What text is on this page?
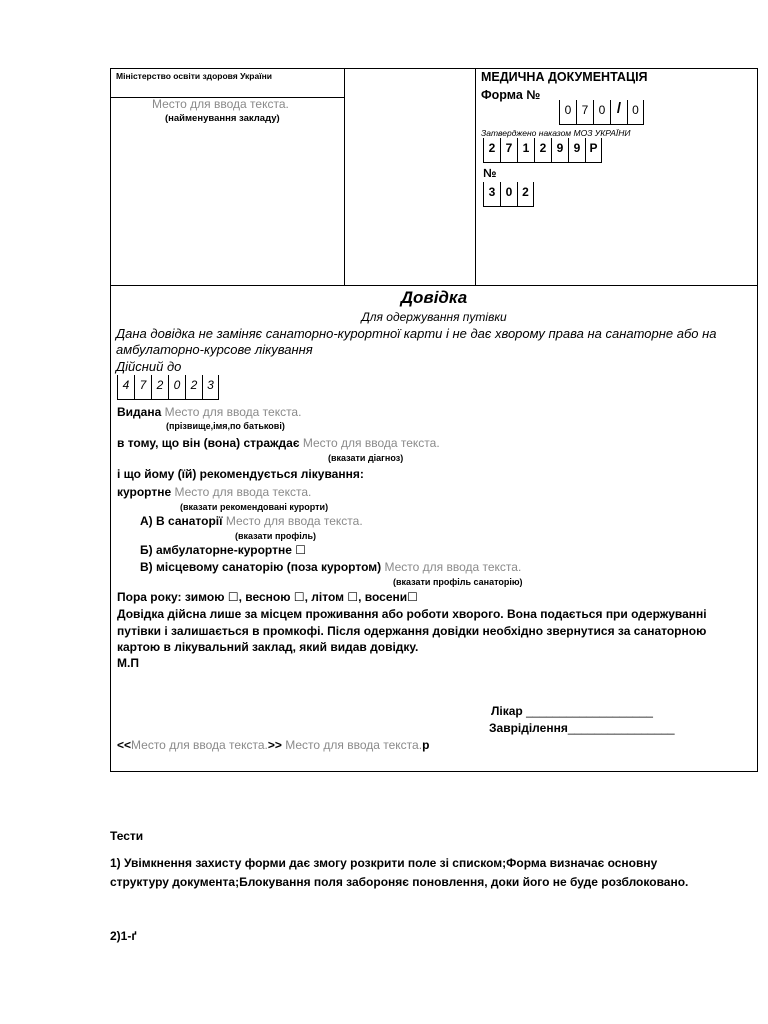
Міністерство освіти здоровя України
Место для ввода текста.
(найменування закладу)
МЕДИЧНА ДОКУМЕНТАЦІЯ
Форма №
0 7 0 / 0
Затверджено наказом МОЗ УКРАЇНИ
2 7 1 2 9 9 Р
№
3 0 2
Довідка
Для одержування путівки
Дана довідка не заміняє санаторно-курортної карти і не дає хворому права на санаторне або на
амбулаторно-курсове лікування
Дійсний до
4 7 2 0 2 3
Видана Место для ввода текста.
(прізвище,імя,по батькові)
в тому, що він (вона) страждає Место для ввода текста.
(вказати діагноз)
і що йому (їй) рекомендується лікування:
курортне Место для ввода текста.
(вказати рекомендовані курорти)
А) В санаторії Место для ввода текста.
(вказати профіль)
Б) амбулаторне-курортне ☐
В) місцевому санаторію (поза курортом) Место для ввода текста.
(вказати профіль санаторію)
Пора року: зимою ☐, весною ☐, літом ☐, восени☐
Довідка дійсна лише за місцем проживання або роботи хворого. Вона подається при одержуванні
путівки і залишається в промкофі. Після одержання довідки необхідно звернутися за санаторною
картою в лікувальний заклад, який видав довідку.
М.П
Лікар ___________________
Завріділення________________
<<Место для ввода текста.>> Место для ввода текста.р
Тести
1) Увімкнення захисту форми дає змогу розкрити поле зі списком;Форма визначає основну
структуру документа;Блокування поля забороняє поновлення, доки його не буде розблоковано.
2)1-ґ
